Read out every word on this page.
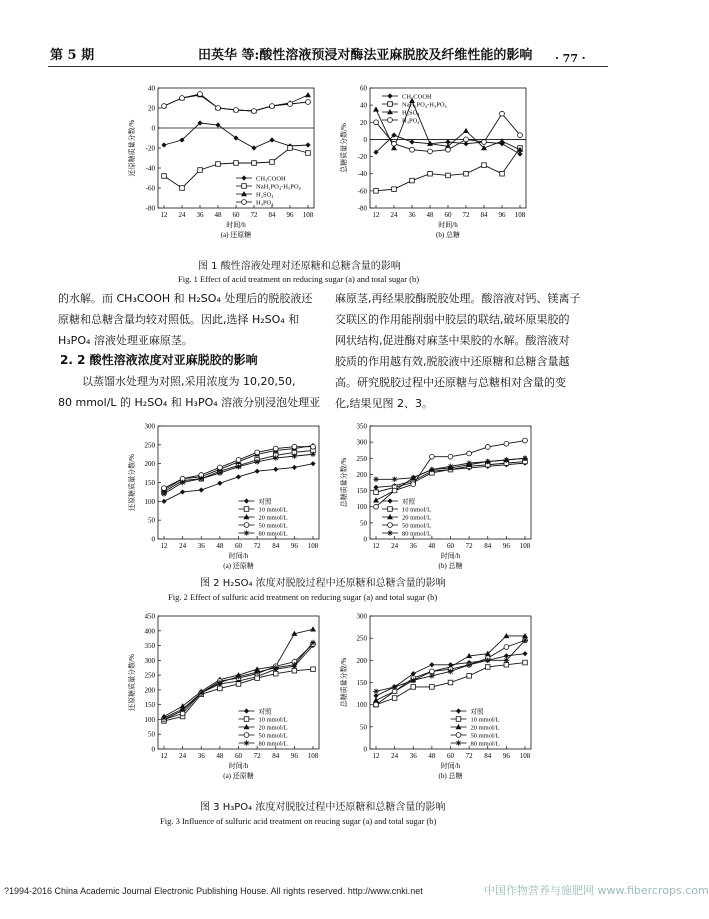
第 5 期	田英华 等:酸性溶液预浸对酶法亚麻脱胶及纤维性能的影响 · 77 ·
-80
-60
-40
-20
0
20
40
12 24 36 48 60 72 84 96 108
时间/h
(a) 还原糖
还原糖质量分数/%
CH₃COOH
NaH₂PO₄-H₃PO₄
H₂SO₄
H₃PO₄
-80
-60
-40
-20
0
20
40
60
12 24 36 48 60 72 84 96 108
时间/h
(b) 总糖
总糖质量分数/%
CH₃COOH
NaH₂PO₄-H₃PO₄
H₂SO₄
H₃PO₄
图 1 酸性溶液处理对还原糖和总糖含量的影响
Fig. 1 Effect of acid treatment on reducing sugar (a) and total sugar (b)
的水解。而 CH₃COOH 和 H₂SO₄ 处理后的脱胶液还
原糖和总糖含量均较对照低。因此,选择 H₂SO₄ 和
H₃PO₄ 溶液处理亚麻原茎。
2. 2 酸性溶液浓度对亚麻脱胶的影响
以蒸馏水处理为对照,采用浓度为 10,20,50,
80 mmol/L 的 H₂SO₄ 和 H₃PO₄ 溶液分别浸泡处理亚
麻原茎,再经果胶酶脱胶处理。酸溶液对钙、镁离子
交联区的作用能削弱中胶层的联结,破坏原果胶的
网状结构,促进酶对麻茎中果胶的水解。酸溶液对
胶质的作用越有效,脱胶液中还原糖和总糖含量越
高。研究脱胶过程中还原糖与总糖相对含量的变
化,结果见图 2、3。
0
50
100
150
200
250
300
12 24 36 48 60 72 84 96 108
时间/h
(a) 还原糖
还原糖质量分数/%	对照
10 mmol/L
20 mmol/L
50 mmol/L
80 mmol/L
0
50
100
150
200
250
300
350
12 24 36 48 60 72 84 96 108
时间/h
(b) 总糖
总糖质量分数/%	对照
10 mmol/L
20 mmol/L
50 mmol/L
80 mmol/L
图 2 H₂SO₄ 浓度对脱胶过程中还原糖和总糖含量的影响
Fig. 2 Effect of sulfuric acid treatment on reducing sugar (a) and total sugar (b)
0
50
100
150
200
250
300
350
400
450
12 24 36 48 60 72 84 96 108
时间/h
(a) 还原糖
还原糖质量分数/%
对照
10 mmol/L
20 mmol/L
50 mmol/L
80 mmol/L
0
50
100
150
200
250
300
12 24 36 48 60 72 84 96 108
时间/h
(b) 总糖
总糖质量分数/%
对照
10 mmol/L
20 mmol/L
50 mmol/L
80 mmol/L
图 3 H₃PO₄ 浓度对脱胶过程中还原糖和总糖含量的影响
Fig. 3 Influence of sulfuric acid treatment on reucing sugar (a) and total sugar (b)
?1994-2016 China Academic Journal Electronic Publishing House. All rights reserved. http://www.cnki.net	中国作物营养与施肥网 www.fibercrops.com
